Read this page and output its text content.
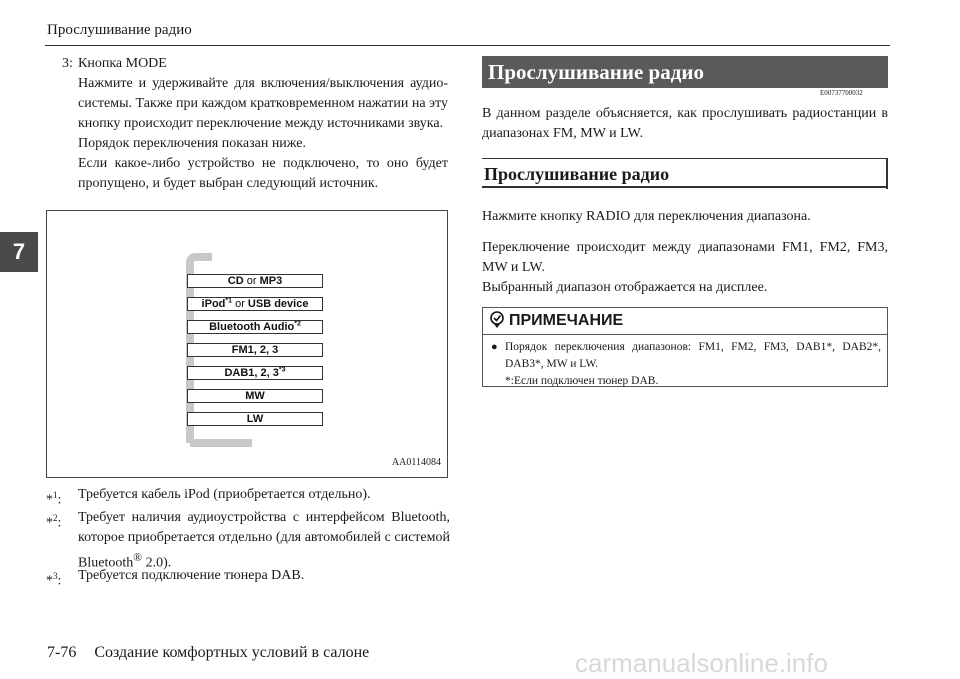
Прослушивание радио
7
3: Кнопка MODE
Нажмите и удерживайте для включения/выключения аудиосистемы. Также при каждом кратковременном нажатии на эту кнопку происходит переключение между источниками звука.
Порядок переключения показан ниже.
Если какое-либо устройство не подключено, то оно будет пропущено, и будет выбран следующий источник.
AA0114084
CD or MP3
iPod$^{*1}$ or USB device
Bluetooth Audio$^{*2}$
FM1, 2, 3
DAB1, 2, 3$^{*3}$
MW
LW
*$^1$: Требуется кабель iPod (приобретается отдельно).
*$^2$: Требует наличия аудиоустройства с интерфейсом Bluetooth, которое приобретается отдельно (для автомобилей с системой Bluetooth® 2.0).
*$^3$: Требуется подключение тюнера DAB.
7-76 Создание комфортных условий в салоне
Прослушивание радио
E00737700032
В данном разделе объясняется, как прослушивать радиостанции в диапазонах FM, MW и LW.
Прослушивание радио
Нажмите кнопку RADIO для переключения диапазона.
Переключение происходит между диапазонами FM1, FM2, FM3, MW и LW.
Выбранный диапазон отображается на дисплее.
ПРИМЕЧАНИЕ
● Порядок переключения диапазонов: FM1, FM2, FM3, DAB1*, DAB2*, DAB3*, MW и LW.
*:Если подключен тюнер DAB.
carmanualsonline.info
